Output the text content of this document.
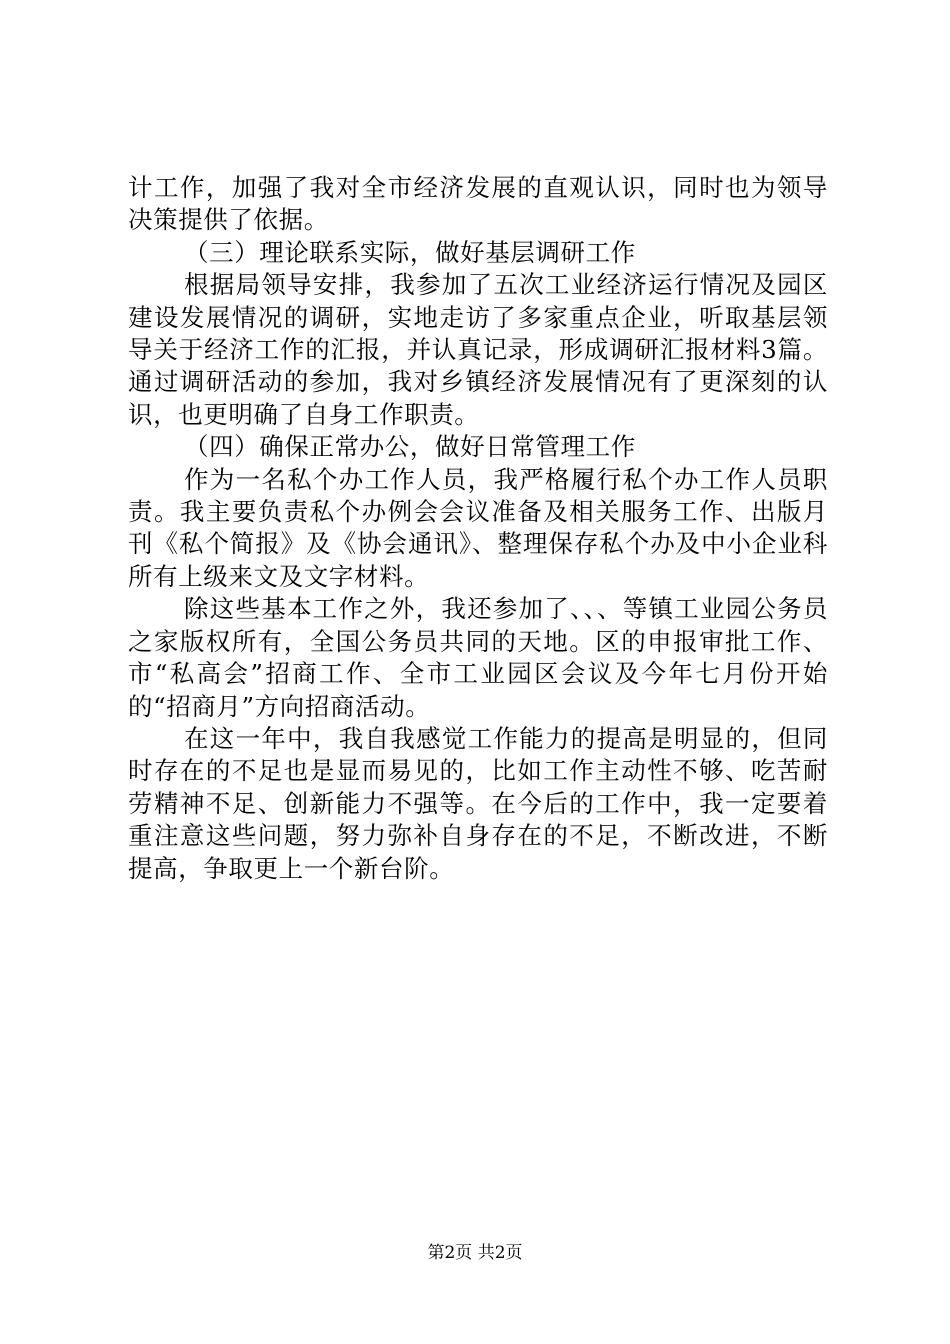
计工作，加强了我对全市经济发展的直观认识，同时也为领导决策提供了依据。

（三）理论联系实际，做好基层调研工作

根据局领导安排，我参加了五次工业经济运行情况及园区建设发展情况的调研，实地走访了多家重点企业，听取基层领导关于经济工作的汇报，并认真记录，形成调研汇报材料3篇。通过调研活动的参加，我对乡镇经济发展情况有了更深刻的认识，也更明确了自身工作职责。

（四）确保正常办公，做好日常管理工作

作为一名私个办工作人员，我严格履行私个办工作人员职责。我主要负责私个办例会会议准备及相关服务工作、出版月刊《私个简报》及《协会通讯》、整理保存私个办及中小企业科所有上级来文及文字材料。

除这些基本工作之外，我还参加了、、、等镇工业园公务员之家版权所有，全国公务员共同的天地。区的申报审批工作、市“私高会”招商工作、全市工业园区会议及今年七月份开始的“招商月”方向招商活动。

在这一年中，我自我感觉工作能力的提高是明显的，但同时存在的不足也是显而易见的，比如工作主动性不够、吃苦耐劳精神不足、创新能力不强等。在今后的工作中，我一定要着重注意这些问题，努力弥补自身存在的不足，不断改进，不断提高，争取更上一个新台阶。

第2页 共2页
